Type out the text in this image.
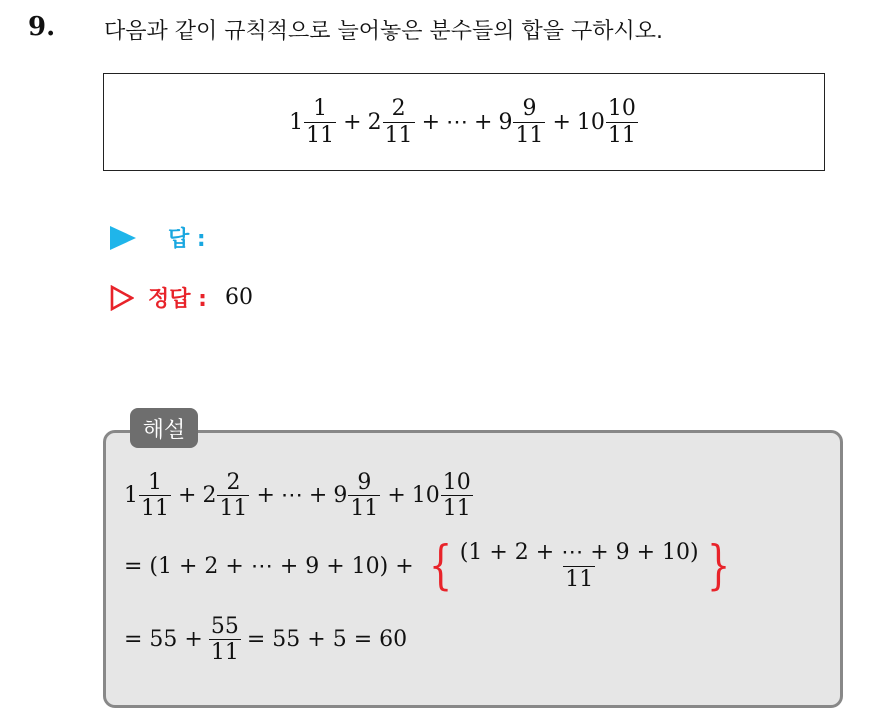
9. 다음과 같이 규칙적으로 늘어놓은 분수들의 합을 구하시오.
$1 \frac{1}{11} + 2 \frac{2}{11}$ + ⋯ + $9 \frac{9}{11} + 10 \frac{10}{11}$
답 :
정답 : 60
해설
$1 \frac{1}{11} + 2 \frac{2}{11}$ + ⋯ + $9 \frac{9}{11} + 10 \frac{10}{11}$
= (1 + 2 + ⋯ + 9 + 10) + { $\frac{(1 + 2 + \cdots + 9 + 10)}{11}$ }
= $55 + \frac{55}{11} = 55 + 5 = 60$
